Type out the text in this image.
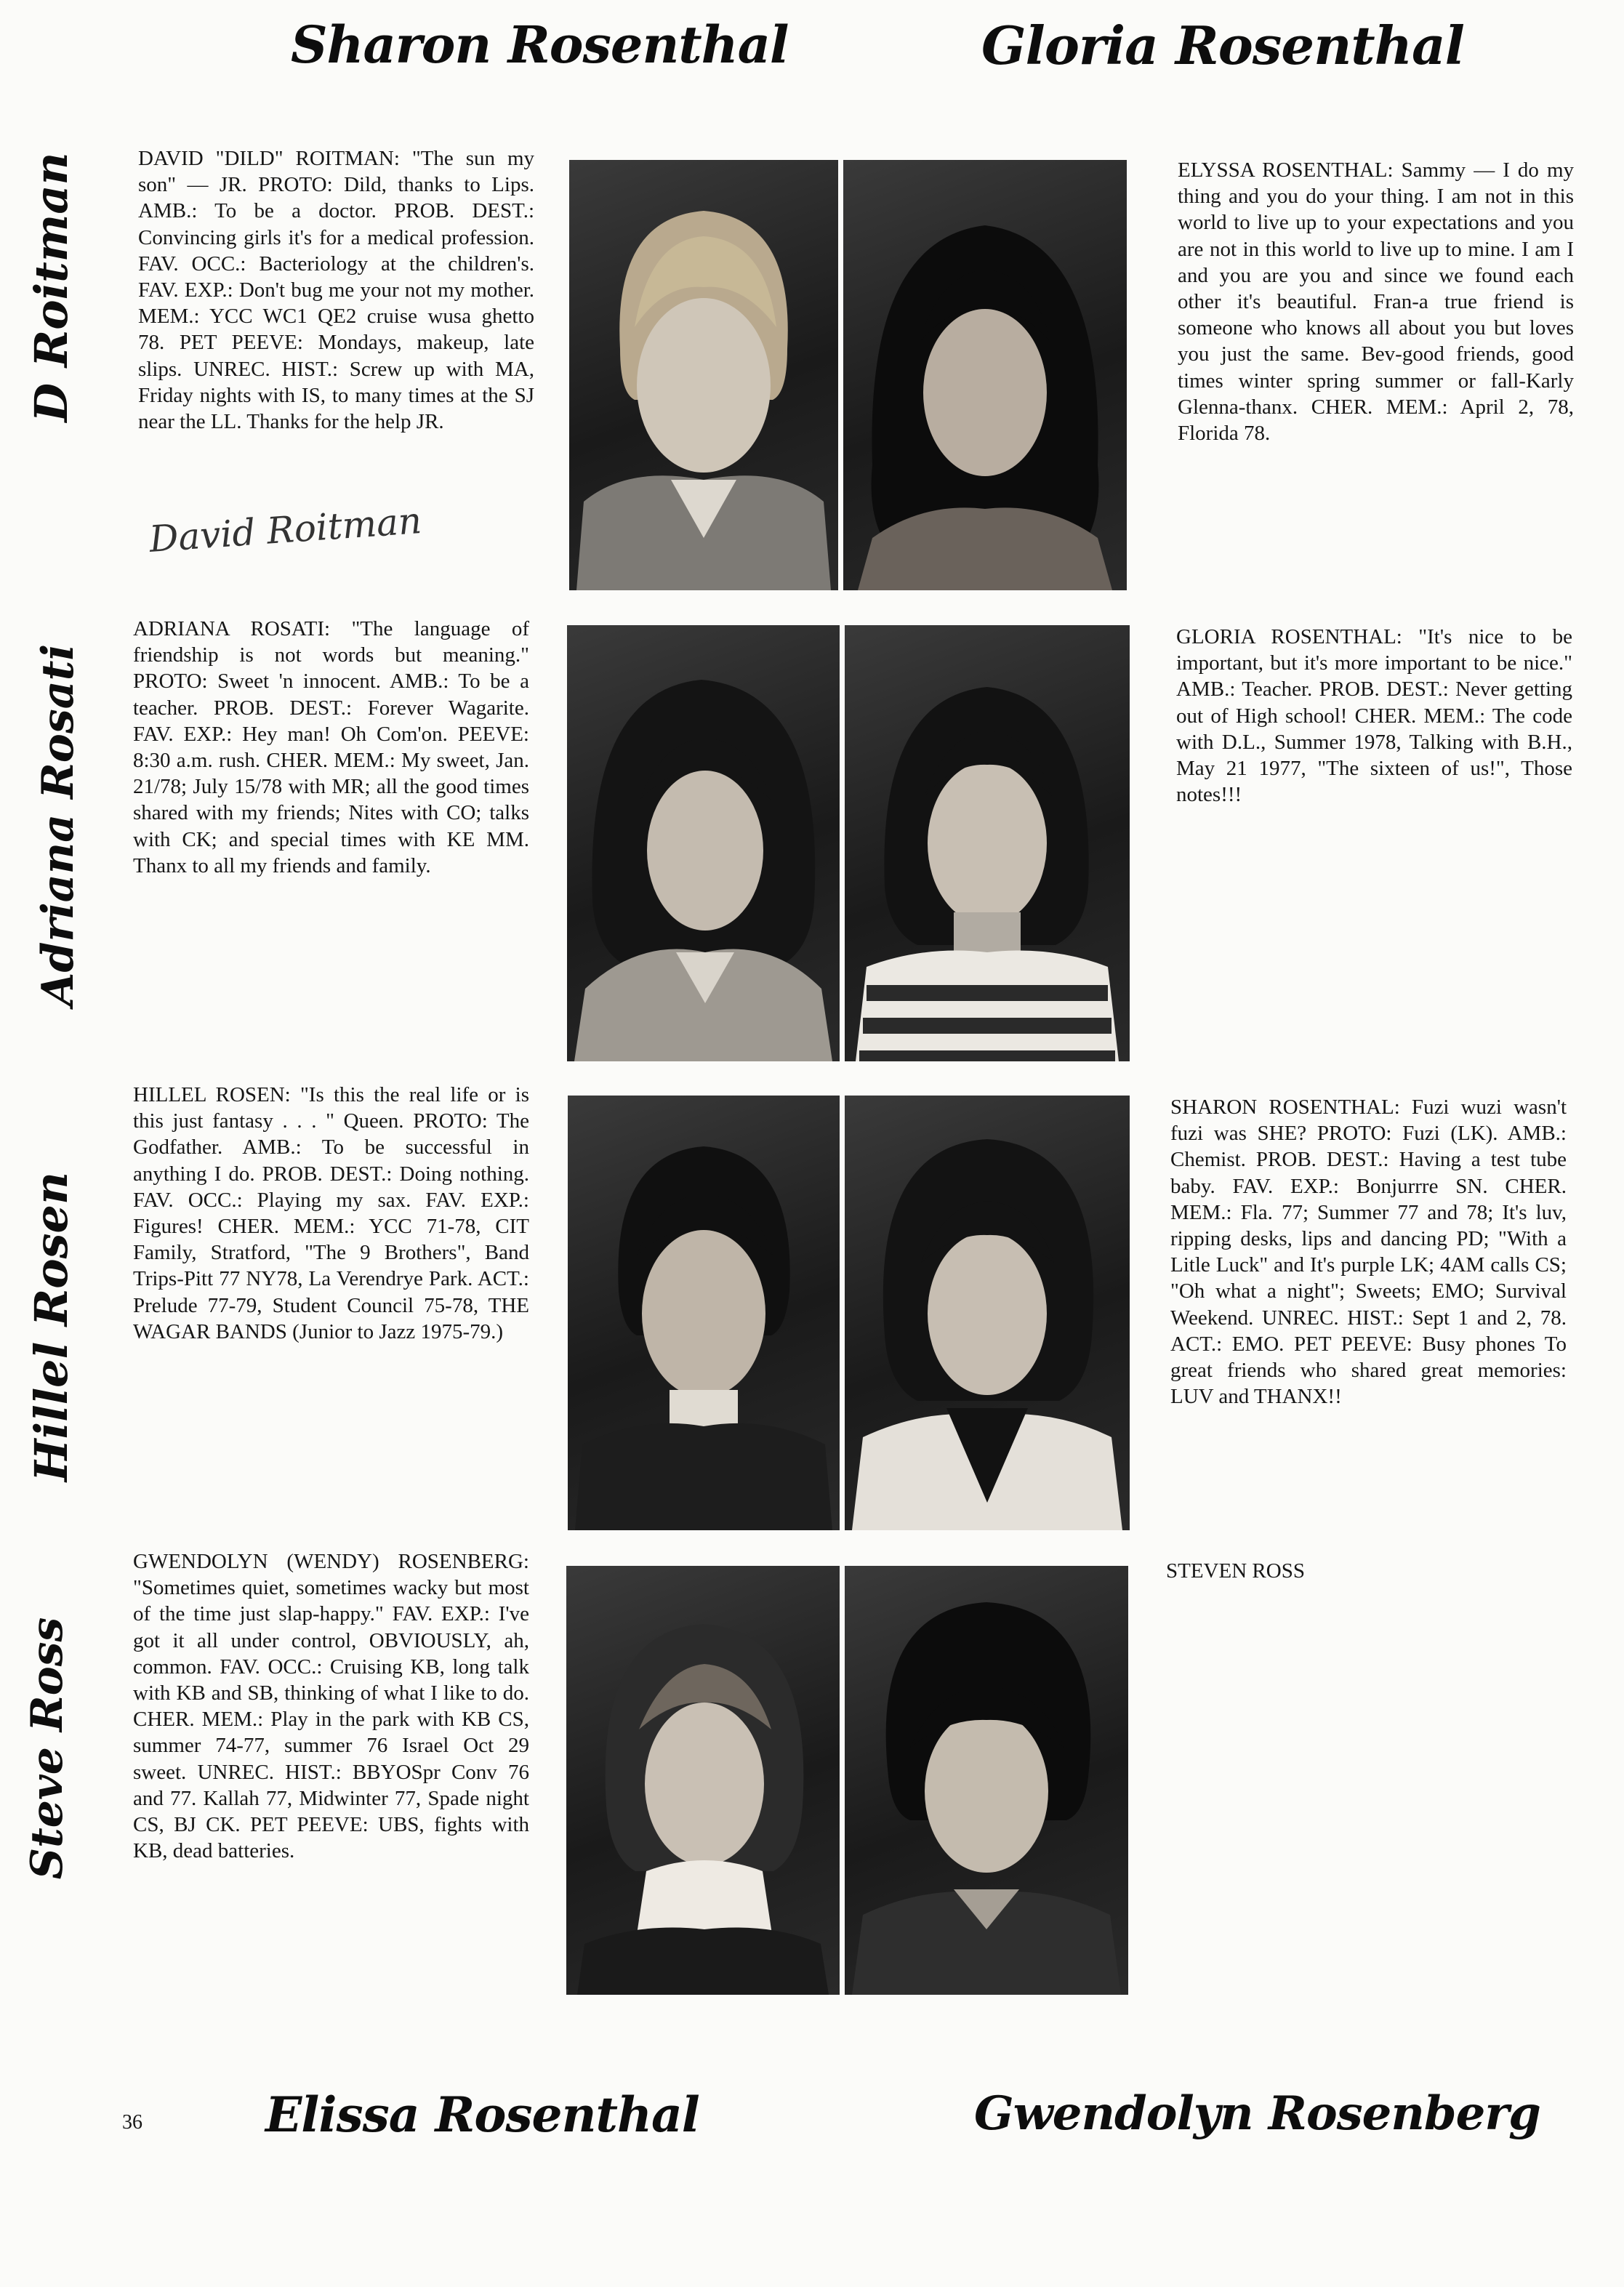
Sharon Rosenthal	Gloria Rosenthal
D Roitman
Adriana Rosati
Hillel Rosen
Steve Ross

DAVID "DILD" ROITMAN: "The sun my son" — JR. PROTO: Dild, thanks to Lips. AMB.: To be a doctor. PROB. DEST.: Convincing girls it's for a medical profession. FAV. OCC.: Bacteriology at the children's. FAV. EXP.: Don't bug me your not my mother. MEM.: YCC WC1 QE2 cruise wusa ghetto 78. PET PEEVE: Mondays, makeup, late slips. UNREC. HIST.: Screw up with MA, Friday nights with IS, to many times at the SJ near the LL. Thanks for the help JR.

David Roitman

ELYSSA ROSENTHAL: Sammy — I do my thing and you do your thing. I am not in this world to live up to your expectations and you are not in this world to live up to mine. I am I and you are you and since we found each other it's beautiful. Fran-a true friend is someone who knows all about you but loves you just the same. Bev-good friends, good times winter spring summer or fall-Karly Glenna-thanx. CHER. MEM.: April 2, 78, Florida 78.

ADRIANA ROSATI: "The language of friendship is not words but meaning." PROTO: Sweet 'n innocent. AMB.: To be a teacher. PROB. DEST.: Forever Wagarite. FAV. EXP.: Hey man! Oh Com'on. PEEVE: 8:30 a.m. rush. CHER. MEM.: My sweet, Jan. 21/78; July 15/78 with MR; all the good times shared with my friends; Nites with CO; talks with CK; and special times with KE MM. Thanx to all my friends and family.

GLORIA ROSENTHAL: "It's nice to be important, but it's more important to be nice." AMB.: Teacher. PROB. DEST.: Never getting out of High school! CHER. MEM.: The code with D.L., Summer 1978, Talking with B.H., May 21 1977, "The sixteen of us!", Those notes!!!

HILLEL ROSEN: "Is this the real life or is this just fantasy . . . " Queen. PROTO: The Godfather. AMB.: To be successful in anything I do. PROB. DEST.: Doing nothing. FAV. OCC.: Playing my sax. FAV. EXP.: Figures! CHER. MEM.: YCC 71-78, CIT Family, Stratford, "The 9 Brothers", Band Trips-Pitt 77 NY78, La Verendrye Park. ACT.: Prelude 77-79, Student Council 75-78, THE WAGAR BANDS (Junior to Jazz 1975-79.)

SHARON ROSENTHAL: Fuzi wuzi wasn't fuzi was SHE? PROTO: Fuzi (LK). AMB.: Chemist. PROB. DEST.: Having a test tube baby. FAV. EXP.: Bonjurrre SN. CHER. MEM.: Fla. 77; Summer 77 and 78; It's luv, ripping desks, lips and dancing PD; "With a Litle Luck" and It's purple LK; 4AM calls CS; "Oh what a night"; Sweets; EMO; Survival Weekend. UNREC. HIST.: Sept 1 and 2, 78. ACT.: EMO. PET PEEVE: Busy phones To great friends who shared great memories: LUV and THANX!!

GWENDOLYN (WENDY) ROSENBERG: "Sometimes quiet, sometimes wacky but most of the time just slap-happy." FAV. EXP.: I've got it all under control, OBVIOUSLY, ah, common. FAV. OCC.: Cruising KB, long talk with KB and SB, thinking of what I like to do. CHER. MEM.: Play in the park with KB CS, summer 74-77, summer 76 Israel Oct 29 sweet. UNREC. HIST.: BBYOSpr Conv 76 and 77. Kallah 77, Midwinter 77, Spade night CS, BJ CK. PET PEEVE: UBS, fights with KB, dead batteries.

STEVEN ROSS

36	Elissa Rosenthal	Gwendolyn Rosenberg
